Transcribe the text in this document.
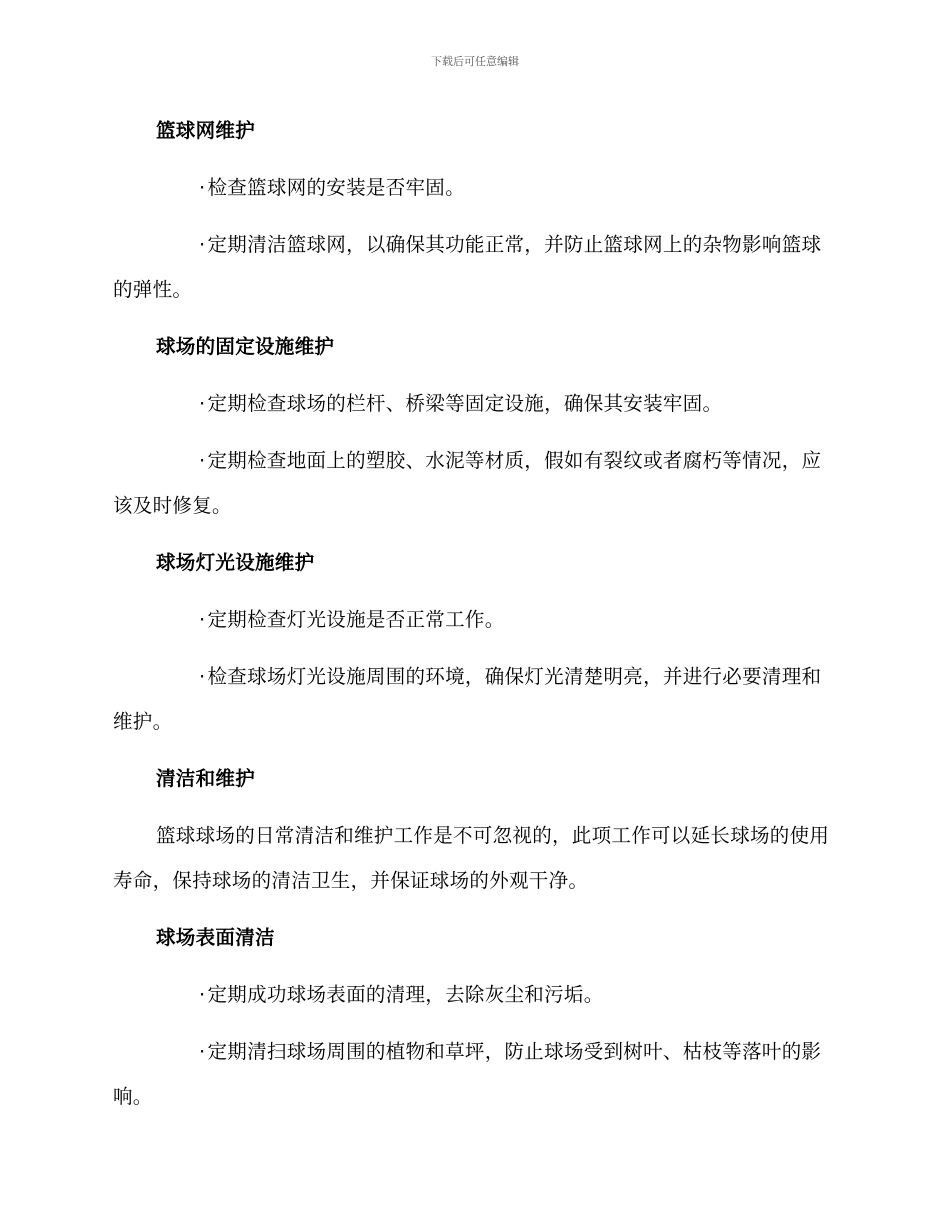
下载后可任意编辑

篮球网维护

· 检查篮球网的安装是否牢固。

· 定期清洁篮球网，以确保其功能正常，并防止篮球网上的杂物影响篮球的弹性。

球场的固定设施维护

· 定期检查球场的栏杆、桥梁等固定设施，确保其安装牢固。

· 定期检查地面上的塑胶、水泥等材质，假如有裂纹或者腐朽等情况，应该及时修复。

球场灯光设施维护

· 定期检查灯光设施是否正常工作。

· 检查球场灯光设施周围的环境，确保灯光清楚明亮，并进行必要清理和维护。

清洁和维护

篮球球场的日常清洁和维护工作是不可忽视的，此项工作可以延长球场的使用寿命，保持球场的清洁卫生，并保证球场的外观干净。

球场表面清洁

· 定期成功球场表面的清理，去除灰尘和污垢。

· 定期清扫球场周围的植物和草坪，防止球场受到树叶、枯枝等落叶的影响。
